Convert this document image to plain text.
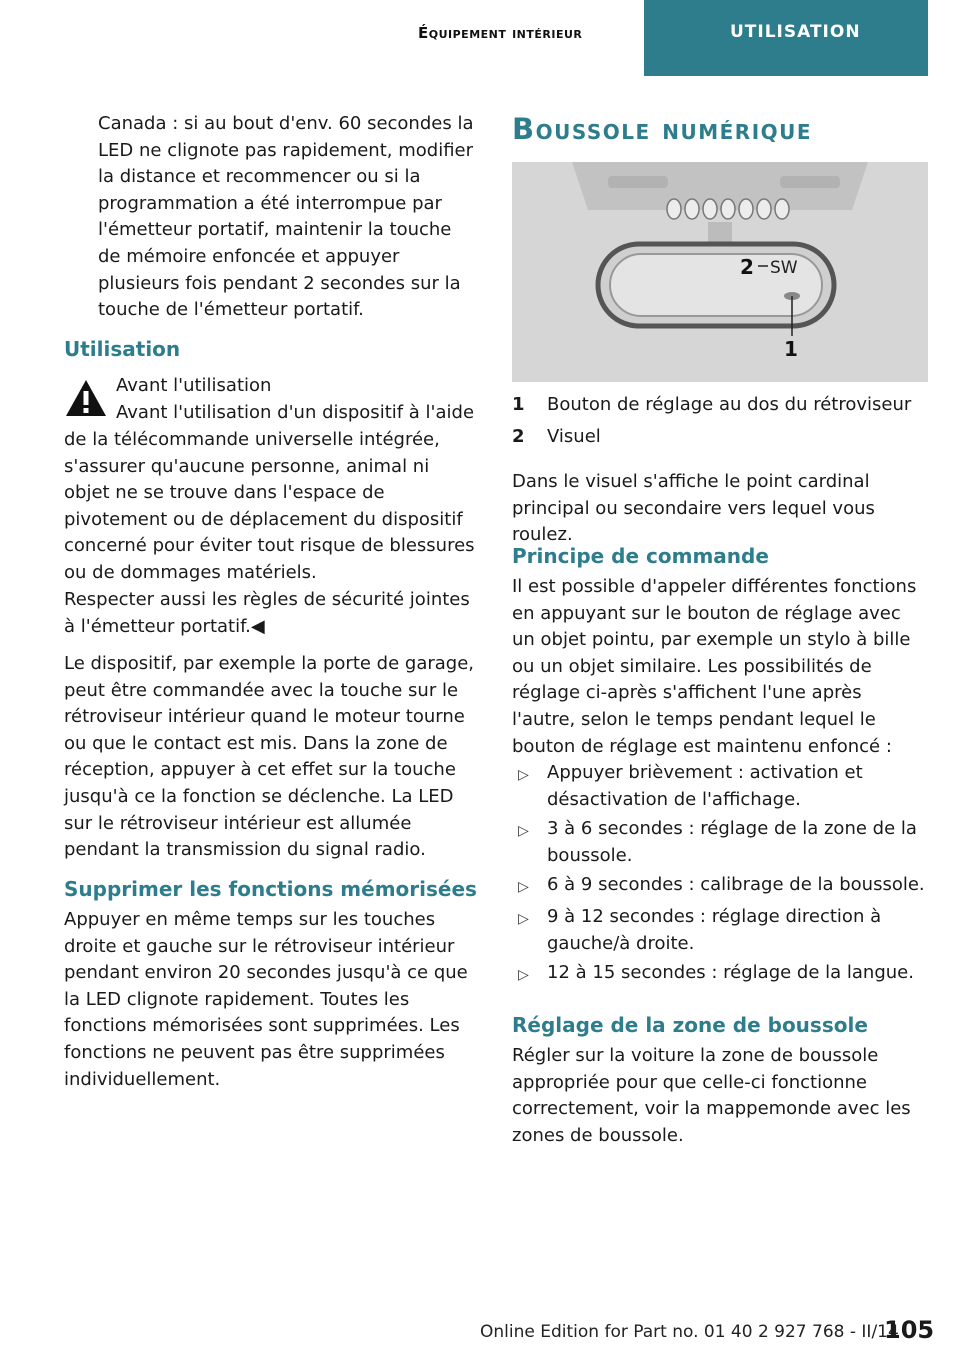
Équipement intérieur	UTILISATION

Canada : si au bout d'env. 60 secondes la LED ne clignote pas rapidement, modifier la distance et recommencer ou si la programmation a été interrompue par l'émetteur portatif, maintenir la touche de mémoire enfoncée et appuyer plusieurs fois pendant 2 secondes sur la touche de l'émetteur portatif.

Utilisation
Avant l'utilisation
Avant l'utilisation d'un dispositif à l'aide

de la télécommande universelle intégrée, s'assurer qu'aucune personne, animal ni objet ne se trouve dans l'espace de pivotement ou de déplacement du dispositif concerné pour éviter tout risque de blessures ou de dommages matériels.

Respecter aussi les règles de sécurité jointes à l'émetteur portatif.◀

Le dispositif, par exemple la porte de garage, peut être commandée avec la touche sur le rétroviseur intérieur quand le moteur tourne ou que le contact est mis. Dans la zone de réception, appuyer à cet effet sur la touche jusqu'à ce la fonction se déclenche. La LED sur le rétroviseur intérieur est allumée pendant la transmission du signal radio.

Supprimer les fonctions mémorisées

Appuyer en même temps sur les touches droite et gauche sur le rétroviseur intérieur pendant environ 20 secondes jusqu'à ce que la LED clignote rapidement. Toutes les fonctions mémorisées sont supprimées. Les fonctions ne peuvent pas être supprimées individuellement.

Boussole numérique
SW
2
1
1 Bouton de réglage au dos du rétroviseur
2 Visuel

Dans le visuel s'affiche le point cardinal principal ou secondaire vers lequel vous roulez.

Principe de commande

Il est possible d'appeler différentes fonctions en appuyant sur le bouton de réglage avec un objet pointu, par exemple un stylo à bille ou un objet similaire. Les possibilités de réglage ci-après s'affichent l'une après l'autre, selon le temps pendant lequel le bouton de réglage est maintenu enfoncé :

▷ Appuyer brièvement : activation et désactivation de l'affichage.

▷ 3 à 6 secondes : réglage de la zone de la boussole.

▷ 6 à 9 secondes : calibrage de la boussole.

▷ 9 à 12 secondes : réglage direction à gauche/à droite.

▷ 12 à 15 secondes : réglage de la langue.

Réglage de la zone de boussole

Régler sur la voiture la zone de boussole appropriée pour que celle-ci fonctionne correctement, voir la mappemonde avec les zones de boussole.

Online Edition for Part no. 01 40 2 927 768 - II/14
105
